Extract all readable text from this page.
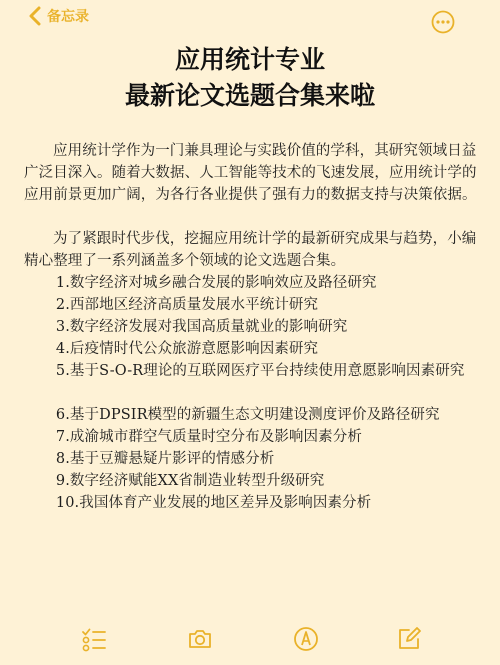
备忘录
应用统计专业
最新论文选题合集来啦

应用统计学作为一门兼具理论与实践价值的学科，其研究领域日益广泛目深入。随着大数据、人工智能等技术的飞速发展，应用统计学的应用前景更加广阔，为各行各业提供了强有力的数据支持与决策依据。

为了紧跟时代步伐，挖掘应用统计学的最新研究成果与趋势，小编精心整理了一系列涵盖多个领域的论文选题合集。

1.数字经济对城乡融合发展的影响效应及路径研究

2.西部地区经济高质量发展水平统计研究

3.数字经济发展对我国高质量就业的影响研究

4.后疫情时代公众旅游意愿影响因素研究

5.基于S-O-R理论的互联网医疗平台持续使用意愿影响因素研究

6.基于DPSIR模型的新疆生态文明建设测度评价及路径研究

7.成渝城市群空气质量时空分布及影响因素分析

8.基于豆瓣悬疑片影评的情感分析

9.数字经济赋能XX省制造业转型升级研究

10.我国体育产业发展的地区差异及影响因素分析
